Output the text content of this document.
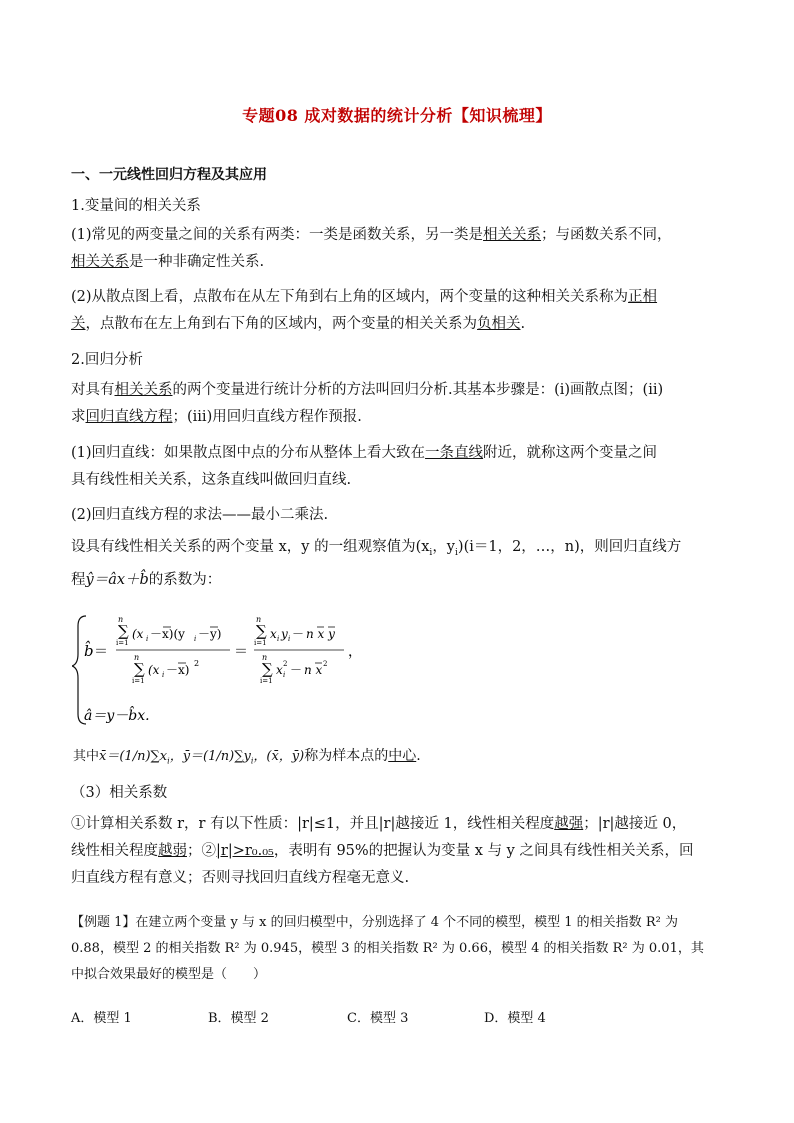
专题08 成对数据的统计分析【知识梳理】
一、一元线性回归方程及其应用
1.变量间的相关关系
(1)常见的两变量之间的关系有两类：一类是函数关系，另一类是相关关系；与函数关系不同，
相关关系是一种非确定性关系.
(2)从散点图上看，点散布在从左下角到右上角的区域内，两个变量的这种相关关系称为正相
关，点散布在左上角到右下角的区域内，两个变量的相关关系为负相关.
2.回归分析
对具有相关关系的两个变量进行统计分析的方法叫回归分析.其基本步骤是：(ⅰ)画散点图；(ⅱ)
求回归直线方程；(iii)用回归直线方程作预报.
(1)回归直线：如果散点图中点的分布从整体上看大致在一条直线附近，就称这两个变量之间
具有线性相关关系，这条直线叫做回归直线.
(2)回归直线方程的求法——最小二乘法.
设具有线性相关关系的两个变量 x，y 的一组观察值为($x_i$，$y_i)(i=1$，2，…，n)，则回归直线方
程ŷ＝âx＋b̂的系数为：
b̂ ＝
∑
n
i=1
(x i －x)(y i －y)
∑
n
i=1
(x i －x) 2
＝
∑
n
i=1
x i y i － n x y
∑
n
i=1
x i
2 － n x 2
，
â＝y－b̂x.
其中$x̄=(1/n)\sum x_i$，$ȳ=(1/n)\sum y_i$，(x̄，ȳ)称为样本点的中心.
（3）相关系数
①计算相关系数 r，r 有以下性质：|r|≤1，并且|r|越接近 1，线性相关程度越强；|r|越接近 0，
线性相关程度越弱；②|r|>r₀.₀₅，表明有 95%的把握认为变量 x 与 y 之间具有线性相关关系，回
归直线方程有意义；否则寻找回归直线方程毫无意义.
【例题 1】在建立两个变量 y 与 x 的回归模型中，分别选择了 4 个不同的模型，模型 1 的相关指数 R² 为
0.88，模型 2 的相关指数 R² 为 0.945，模型 3 的相关指数 R² 为 0.66，模型 4 的相关指数 R² 为 0.01，其
中拟合效果最好的模型是（　　）
A．模型 1	B．模型 2	C．模型 3	D．模型 4
